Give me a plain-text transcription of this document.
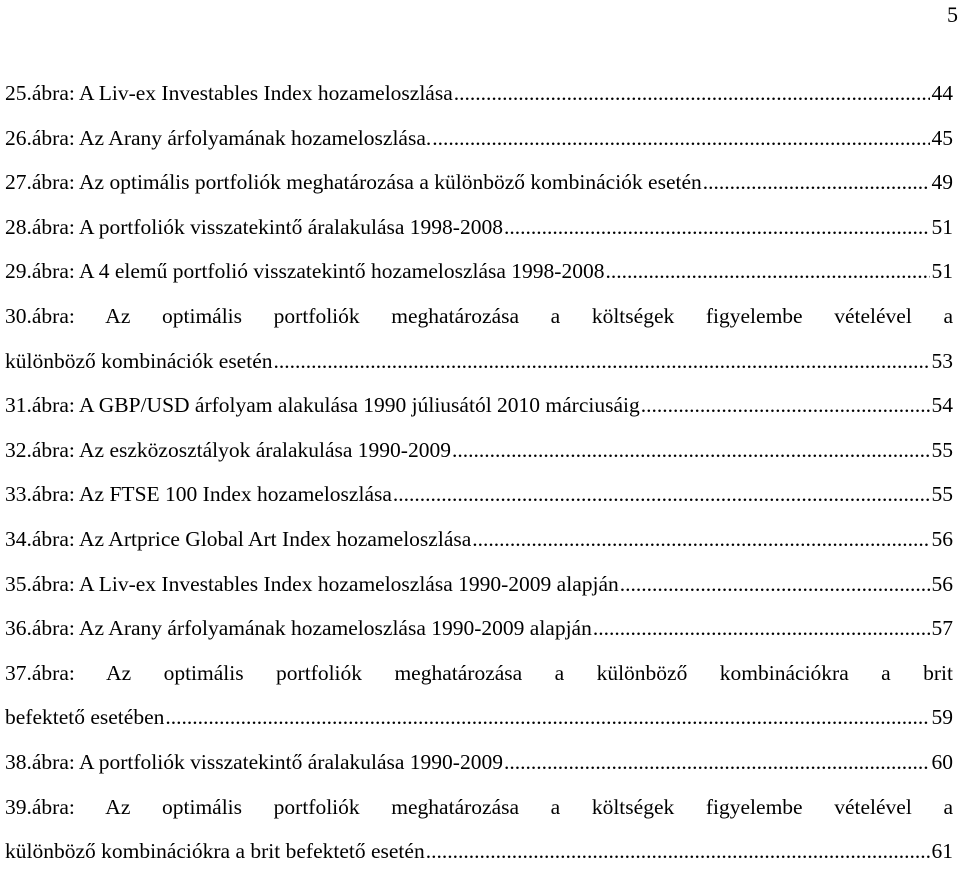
5
25.ábra: A Liv-ex Investables Index hozameloszlása .....	44
26.ábra: Az Arany árfolyamának hozameloszlása. .....	45
27.ábra: Az optimális portfoliók meghatározása a különböző kombinációk esetén .....	49
28.ábra: A portfoliók visszatekintő áralakulása 1998-2008 .....	51
29.ábra: A 4 elemű portfolió visszatekintő hozameloszlása 1998-2008 .....	51
30.ábra: Az optimális portfoliók meghatározása a költségek figyelembe vételével a
különböző kombinációk esetén .....	53
31.ábra: A GBP/USD árfolyam alakulása 1990 júliusától 2010 márciusáig .....	54
32.ábra: Az eszközosztályok áralakulása 1990-2009 .....	55
33.ábra: Az FTSE 100 Index hozameloszlása .....	55
34.ábra: Az Artprice Global Art Index hozameloszlása .....	56
35.ábra: A Liv-ex Investables Index hozameloszlása 1990-2009 alapján .....	56
36.ábra: Az Arany árfolyamának hozameloszlása 1990-2009 alapján .....	57
37.ábra: Az optimális portfoliók meghatározása a különböző kombinációkra a brit
befektető esetében .....	59
38.ábra: A portfoliók visszatekintő áralakulása 1990-2009 .....	60
39.ábra: Az optimális portfoliók meghatározása a költségek figyelembe vételével a
különböző kombinációkra a brit befektető esetén .....	61
